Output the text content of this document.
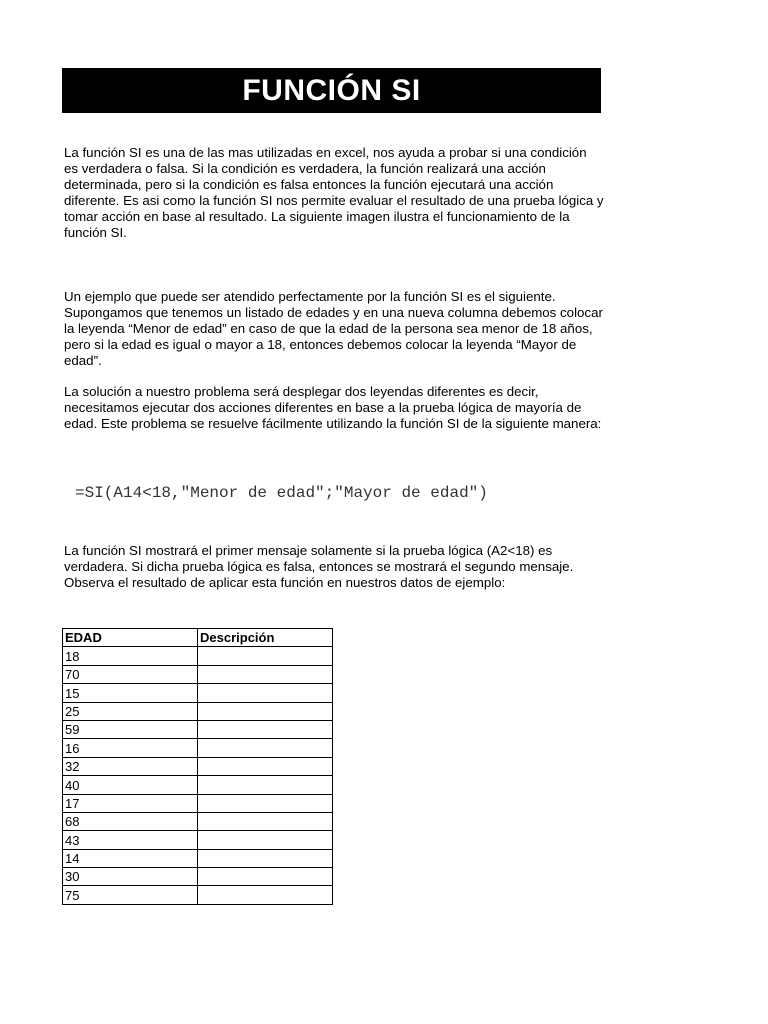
FUNCIÓN SI

La función SI es una de las mas utilizadas en excel, nos ayuda a probar si una condición es verdadera o falsa. Si la condición es verdadera, la función realizará una acción determinada, pero si la condición es falsa entonces la función ejecutará una acción diferente. Es asi como la función SI nos permite evaluar el resultado de una prueba lógica y tomar acción en base al resultado. La siguiente imagen ilustra el funcionamiento de la función SI.

Un ejemplo que puede ser atendido perfectamente por la función SI es el siguiente. Supongamos que tenemos un listado de edades y en una nueva columna debemos colocar la leyenda “Menor de edad” en caso de que la edad de la persona sea menor de 18 años, pero si la edad es igual o mayor a 18, entonces debemos colocar la leyenda “Mayor de edad”.

La solución a nuestro problema será desplegar dos leyendas diferentes es decir, necesitamos ejecutar dos acciones diferentes en base a la prueba lógica de mayoría de edad. Este problema se resuelve fácilmente utilizando la función SI de la siguiente manera:

=SI(A14<18,"Menor de edad";"Mayor de edad")

La función SI mostrará el primer mensaje solamente si la prueba lógica (A2<18) es verdadera. Si dicha prueba lógica es falsa, entonces se mostrará el segundo mensaje. Observa el resultado de aplicar esta función en nuestros datos de ejemplo:

EDAD	Descripción
18	
70	
15	
25	
59	
16	
32	
40	
17	
68	
43	
14	
30	
75	
